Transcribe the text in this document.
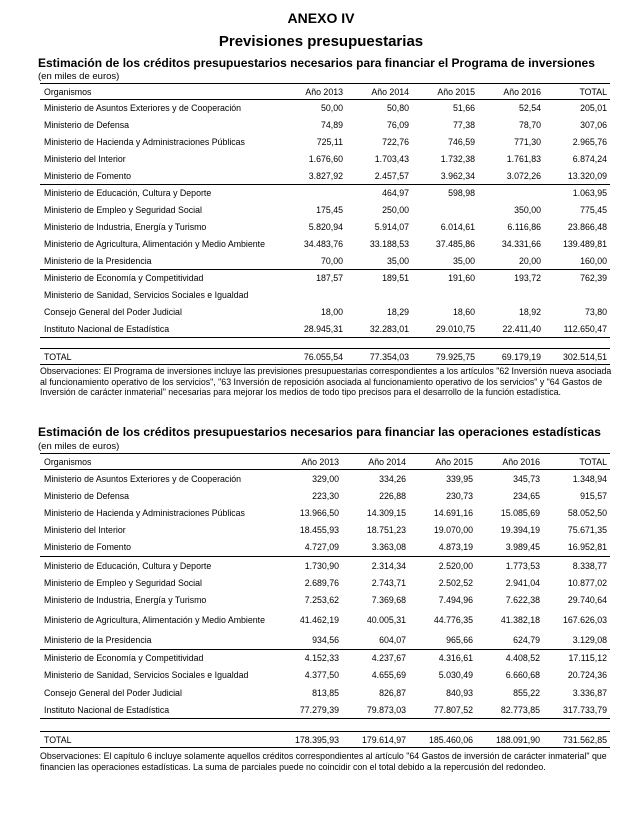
ANEXO IV
Previsiones presupuestarias
Estimación de los créditos presupuestarios necesarios para financiar el Programa de inversiones
(en miles de euros)
Organismos	Año 2013	Año 2014	Año 2015	Año 2016	TOTAL
Ministerio de Asuntos Exteriores y de Cooperación	50,00	50,80	51,66	52,54	205,01
Ministerio de Defensa	74,89	76,09	77,38	78,70	307,06
Ministerio de Hacienda y Administraciones Públicas	725,11	722,76	746,59	771,30	2.965,76
Ministerio del Interior	1.676,60	1.703,43	1.732,38	1.761,83	6.874,24
Ministerio de Fomento	3.827,92	2.457,57	3.962,34	3.072,26	13.320,09
Ministerio de Educación, Cultura y Deporte		464,97	598,98		1.063,95
Ministerio de Empleo y Seguridad Social	175,45	250,00		350,00	775,45
Ministerio de Industria, Energía y Turismo	5.820,94	5.914,07	6.014,61	6.116,86	23.866,48
Ministerio de Agricultura, Alimentación y Medio Ambiente	34.483,76	33.188,53	37.485,86	34.331,66	139.489,81
Ministerio de la Presidencia	70,00	35,00	35,00	20,00	160,00
Ministerio de Economía y Competitividad	187,57	189,51	191,60	193,72	762,39
Ministerio de Sanidad, Servicios Sociales e Igualdad					
Consejo General del Poder Judicial	18,00	18,29	18,60	18,92	73,80
Instituto Nacional de Estadística	28.945,31	32.283,01	29.010,75	22.411,40	112.650,47

TOTAL	76.055,54	77.354,03	79.925,75	69.179,19	302.514,51
Observaciones: El Programa de inversiones incluye las previsiones presupuestarias correspondientes a los artículos "62 Inversión nueva asociada al funcionamiento operativo de los servicios", "63 Inversión de reposición asociada al funcionamiento operativo de los servicios" y "64 Gastos de Inversión de carácter inmaterial" necesarias para mejorar los medios de todo tipo precisos para el desarrollo de la función estadística.
Estimación de los créditos presupuestarios necesarios para financiar las operaciones estadísticas
(en miles de euros)
Organismos	Año 2013	Año 2014	Año 2015	Año 2016	TOTAL
Ministerio de Asuntos Exteriores y de Cooperación	329,00	334,26	339,95	345,73	1.348,94
Ministerio de Defensa	223,30	226,88	230,73	234,65	915,57
Ministerio de Hacienda y Administraciones Públicas	13.966,50	14.309,15	14.691,16	15.085,69	58.052,50
Ministerio del Interior	18.455,93	18.751,23	19.070,00	19.394,19	75.671,35
Ministerio de Fomento	4.727,09	3.363,08	4.873,19	3.989,45	16.952,81
Ministerio de Educación, Cultura y Deporte	1.730,90	2.314,34	2.520,00	1.773,53	8.338,77
Ministerio de Empleo y Seguridad Social	2.689,76	2.743,71	2.502,52	2.941,04	10.877,02
Ministerio de Industria, Energía y Turismo	7.253,62	7.369,68	7.494,96	7.622,38	29.740,64
Ministerio de Agricultura, Alimentación y Medio Ambiente	41.462,19	40.005,31	44.776,35	41.382,18	167.626,03
Ministerio de la Presidencia	934,56	604,07	965,66	624,79	3.129,08
Ministerio de Economía y Competitividad	4.152,33	4.237,67	4.316,61	4.408,52	17.115,12
Ministerio de Sanidad, Servicios Sociales e Igualdad	4.377,50	4.655,69	5.030,49	6.660,68	20.724,36
Consejo General del Poder Judicial	813,85	826,87	840,93	855,22	3.336,87
Instituto Nacional de Estadística	77.279,39	79.873,03	77.807,52	82.773,85	317.733,79

TOTAL	178.395,93	179.614,97	185.460,06	188.091,90	731.562,85
Observaciones: El capítulo 6 incluye solamente aquellos créditos correspondientes al artículo "64 Gastos de inversión de carácter inmaterial" que financien las operaciones estadísticas. La suma de parciales puede no coincidir con el total debido a la repercusión del redondeo.
